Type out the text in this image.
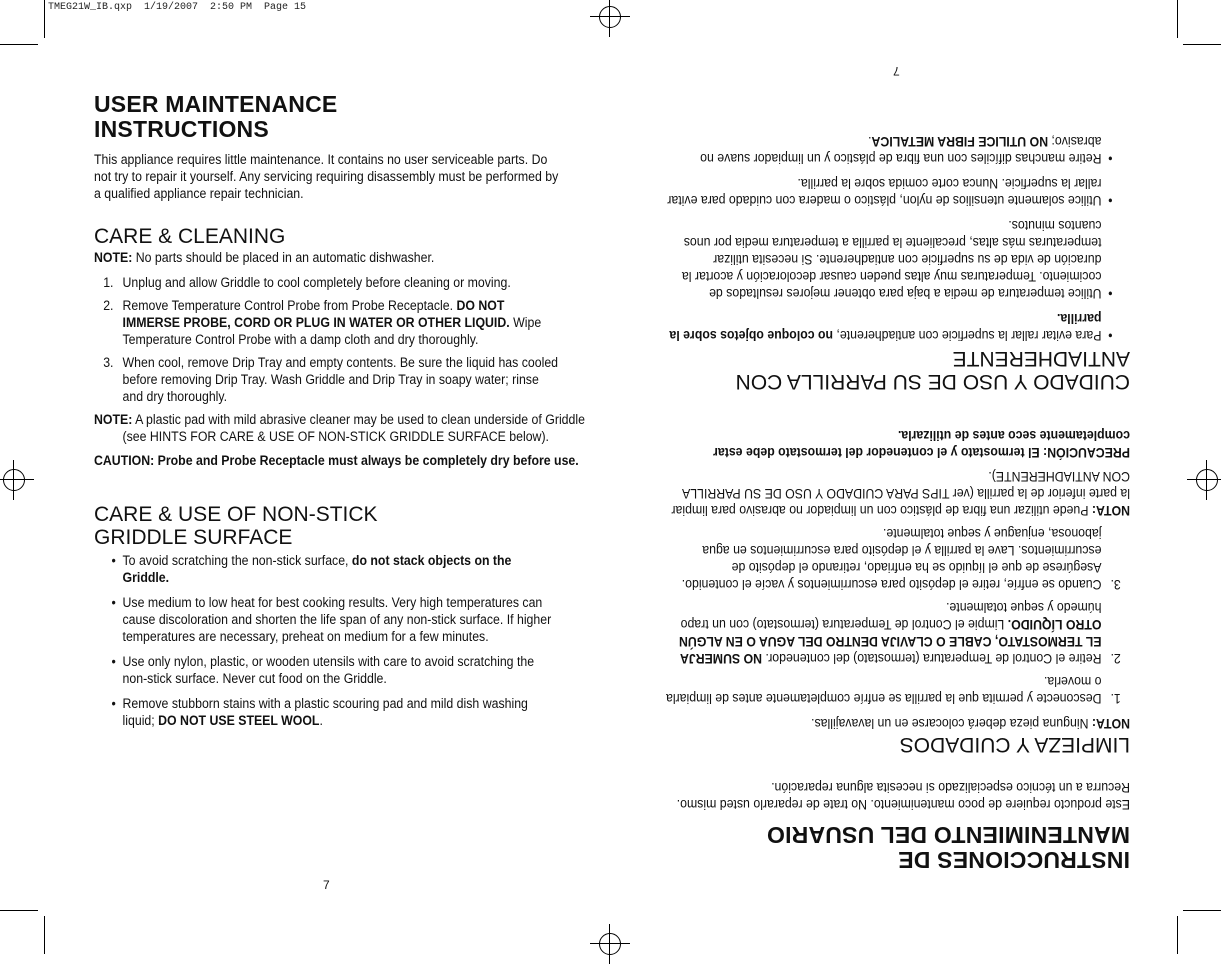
TMEG21W_IB.qxp  1/19/2007  2:50 PM  Page 15
USER MAINTENANCE
INSTRUCTIONS

This appliance requires little maintenance. It contains no user serviceable parts. Do not try to repair it yourself. Any servicing requiring disassembly must be performed by a qualified appliance repair technician.

CARE & CLEANING

NOTE: No parts should be placed in an automatic dishwasher.

1. Unplug and allow Griddle to cool completely before cleaning or moving.
2. Remove Temperature Control Probe from Probe Receptacle. DO NOT IMMERSE PROBE, CORD OR PLUG IN WATER OR OTHER LIQUID. Wipe Temperature Control Probe with a damp cloth and dry thoroughly.
3. When cool, remove Drip Tray and empty contents. Be sure the liquid has cooled before removing Drip Tray. Wash Griddle and Drip Tray in soapy water; rinse and dry thoroughly.

NOTE: A plastic pad with mild abrasive cleaner may be used to clean underside of Griddle (see HINTS FOR CARE & USE OF NON-STICK GRIDDLE SURFACE below).

CAUTION: Probe and Probe Receptacle must always be completely dry before use.

CARE & USE OF NON-STICK
GRIDDLE SURFACE
• To avoid scratching the non-stick surface, do not stack objects on the Griddle.
• Use medium to low heat for best cooking results. Very high temperatures can cause discoloration and shorten the life span of any non-stick surface. If higher temperatures are necessary, preheat on medium for a few minutes.
• Use only nylon, plastic, or wooden utensils with care to avoid scratching the non-stick surface. Never cut food on the Griddle.
• Remove stubborn stains with a plastic scouring pad and mild dish washing liquid; DO NOT USE STEEL WOOL.
7
INSTRUCCIONES DE
MANTENIMIENTO DEL USUARIO

Este producto requiere de poco mantenimiento. No trate de repararlo usted mismo. Recurra a un técnico especializado si necesita alguna reparación.

LIMPIEZA Y CUIDADOS

NOTA: Ninguna pieza deberá colocarse en un lavavajillas.

1.
Desconecte y permita que la parrilla se enfríe completamente antes de limpiarla o moverla.
2.
Retire el Control de Temperatura (termostato) del contenedor. NO SUMERJA EL TERMOSTATO, CABLE O CLAVIJA DENTRO DEL AGUA O EN ALGÚN OTRO LÍQUIDO. Limpie el Control de Temperatura (termostato) con un trapo húmedo y seque totalmente.
3.
Cuando se enfríe, retire el depósito para escurrimientos y vacíe el contenido. Asegúrese de que el líquido se ha enfriado, retirando el depósito de escurrimientos. Lave la parrilla y el depósito para escurrimientos en agua jabonosa, enjuague y seque totalmente.

NOTA: Puede utilizar una fibra de plástico con un limpiador no abrasivo para limpiar la parte inferior de la parrilla (ver TIPS PARA CUIDADO Y USO DE SU PARRILLA CON ANTIADHERENTE).

PRECAUCIÓN: El termostato y el contenedor del termostato debe estar completamente seco antes de utilizarla.

CUIDADO Y USO DE SU PARRILLA CON
ANTIADHERENTE
•
Para evitar rallar la superficie con antiadherente, no coloque objetos sobre la parrilla.
•
Utilice temperatura de media a baja para obtener mejores resultados de cocimiento. Temperaturas muy altas pueden causar decoloración y acortar la duración de vida de su superficie con antiadherente. Si necesita utilizar temperaturas más altas, precaliente la parrilla a temperatura media por unos cuantos minutos.
•
Utilice solamente utensilios de nylon, plástico o madera con cuidado para evitar rallar la superficie. Nunca corte comida sobre la parrilla.
•
Retire manchas difíciles con una fibra de plástico y un limpiador suave no abrasivo; NO UTILICE FIBRA METALICA.
7
